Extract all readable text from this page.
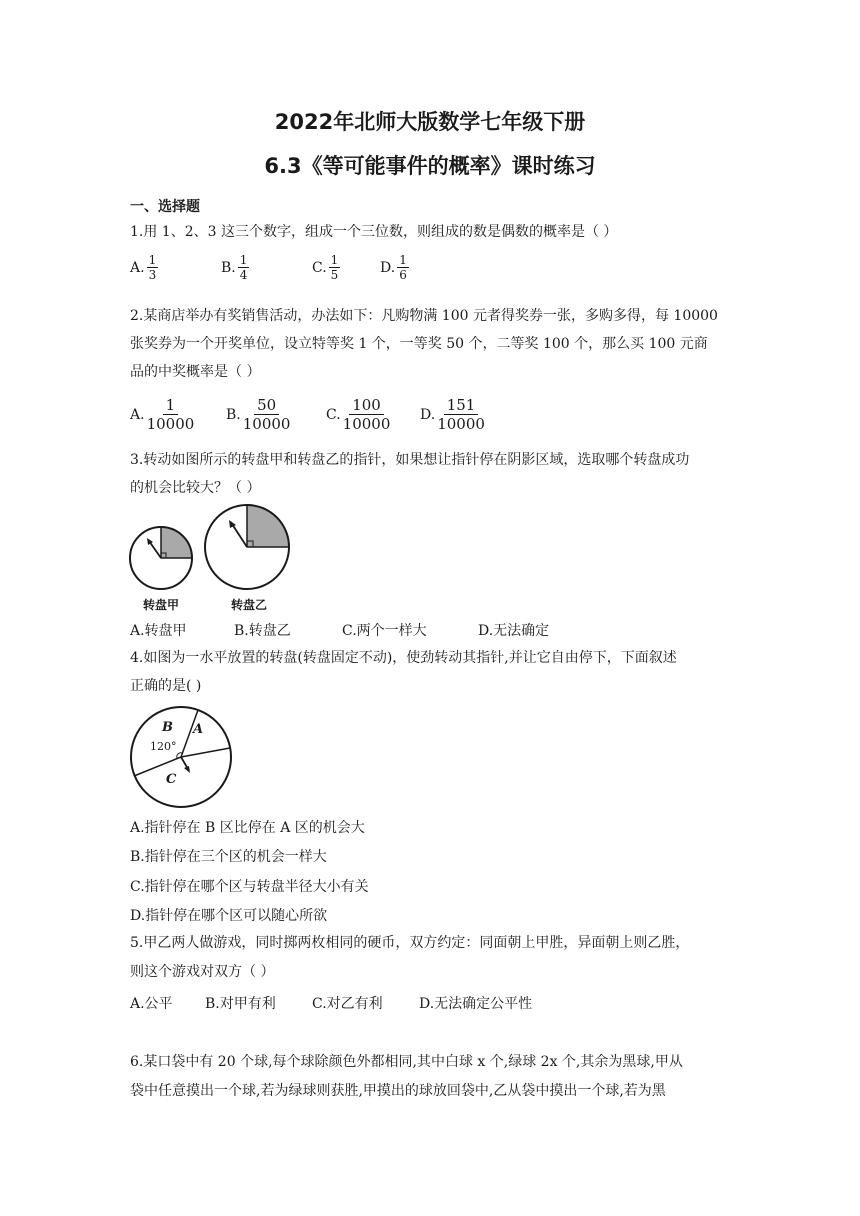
2022年北师大版数学七年级下册
6.3《等可能事件的概率》课时练习
一、选择题
1.用 1、2、3 这三个数字，组成一个三位数，则组成的数是偶数的概率是（ ）
A. $\frac{1}{3}$	B. $\frac{1}{4}$	C. $\frac{1}{5}$	D. $\frac{1}{6}$
2.某商店举办有奖销售活动，办法如下：凡购物满 100 元者得奖券一张，多购多得，每 10000
张奖券为一个开奖单位，设立特等奖 1 个，一等奖 50 个，二等奖 100 个，那么买 100 元商
品的中奖概率是（ ）
A. $\frac{1}{10000} B$. $\frac{50}{10000}$	C. $\frac{100}{10000} D$. $\frac{151}{10000}$
3.转动如图所示的转盘甲和转盘乙的指针，如果想让指针停在阴影区域，选取哪个转盘成功
的机会比较大？（ ）
转盘甲	转盘乙
A.转盘甲	B.转盘乙	C.两个一样大	D.无法确定
4.如图为一水平放置的转盘(转盘固定不动)，使劲转动其指针,并让它自由停下，下面叙述
正确的是( )
B A
120°
C
A.指针停在 B 区比停在 A 区的机会大
B.指针停在三个区的机会一样大
C.指针停在哪个区与转盘半径大小有关
D.指针停在哪个区可以随心所欲
5.甲乙两人做游戏，同时掷两枚相同的硬币，双方约定：同面朝上甲胜，异面朝上则乙胜，
则这个游戏对双方（ ）
A.公平 B.对甲有利	C.对乙有利	D.无法确定公平性
6.某口袋中有 20 个球,每个球除颜色外都相同,其中白球 x 个,绿球 2x 个,其余为黑球,甲从
袋中任意摸出一个球,若为绿球则获胜,甲摸出的球放回袋中,乙从袋中摸出一个球,若为黑
